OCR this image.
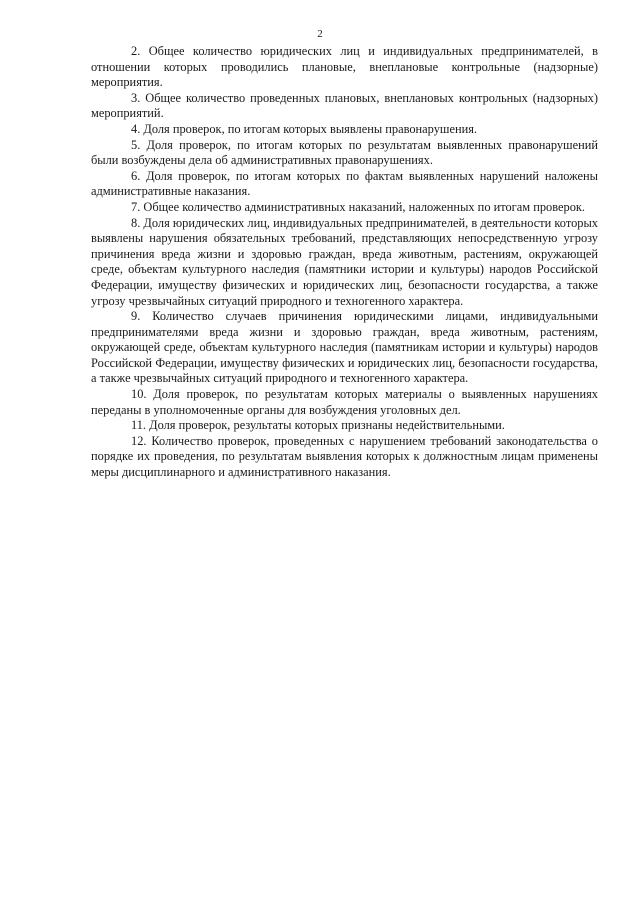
2

2. Общее количество юридических лиц и индивидуальных предпринимателей, в отношении которых проводились плановые, внеплановые контрольные (надзорные) мероприятия.

3. Общее количество проведенных плановых, внеплановых контрольных (надзорных) мероприятий.

4. Доля проверок, по итогам которых выявлены правонарушения.

5. Доля проверок, по итогам которых по результатам выявленных правонарушений были возбуждены дела об административных правонарушениях.

6. Доля проверок, по итогам которых по фактам выявленных нарушений наложены административные наказания.

7. Общее количество административных наказаний, наложенных по итогам проверок.

8. Доля юридических лиц, индивидуальных предпринимателей, в деятельности которых выявлены нарушения обязательных требований, представляющих непосредственную угрозу причинения вреда жизни и здоровью граждан, вреда животным, растениям, окружающей среде, объектам культурного наследия (памятники истории и культуры) народов Российской Федерации, имуществу физических и юридических лиц, безопасности государства, а также угрозу чрезвычайных ситуаций природного и техногенного характера.

9. Количество случаев причинения юридическими лицами, индивидуальными предпринимателями вреда жизни и здоровью граждан, вреда животным, растениям, окружающей среде, объектам культурного наследия (памятникам истории и культуры) народов Российской Федерации, имуществу физических и юридических лиц, безопасности государства, а также чрезвычайных ситуаций природного и техногенного характера.

10. Доля проверок, по результатам которых материалы о выявленных нарушениях переданы в уполномоченные органы для возбуждения уголовных дел.

11. Доля проверок, результаты которых признаны недействительными.

12. Количество проверок, проведенных с нарушением требований законодательства о порядке их проведения, по результатам выявления которых к должностным лицам применены меры дисциплинарного и административного наказания.
